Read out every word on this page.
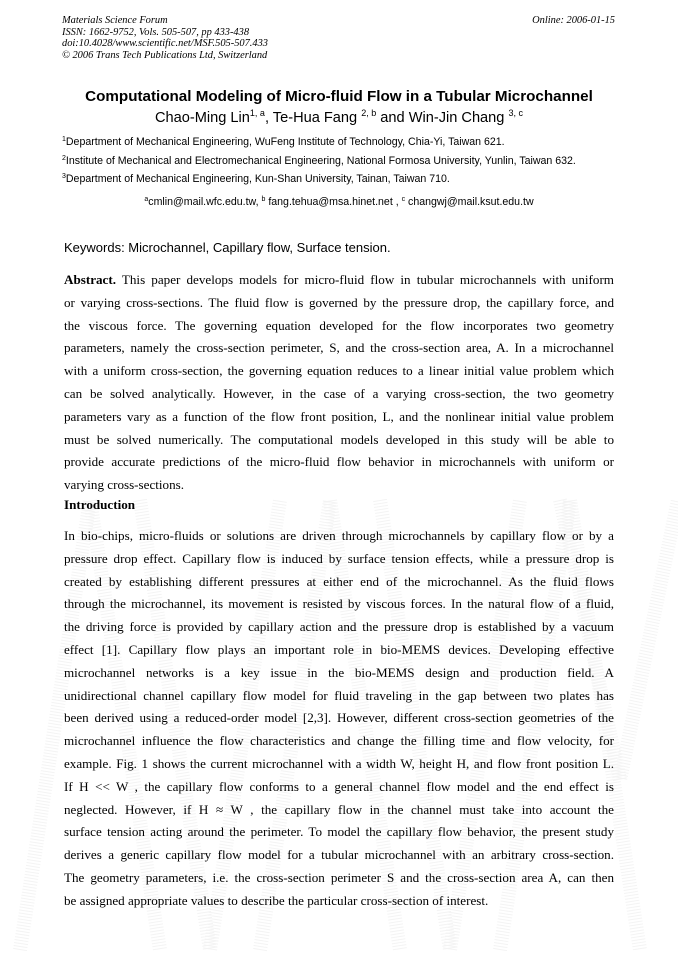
Materials Science Forum
ISSN: 1662-9752, Vols. 505-507, pp 433-438
doi:10.4028/www.scientific.net/MSF.505-507.433
© 2006 Trans Tech Publications Ltd, Switzerland
Online: 2006-01-15
Computational Modeling of Micro-fluid Flow in a Tubular Microchannel
Chao-Ming Lin$^{1, a}$, Te-Hua Fang $^{2, b}$ and Win-Jin Chang $^{3, c}$
$^1$Department of Mechanical Engineering, WuFeng Institute of Technology, Chia-Yi, Taiwan 621.
$^2$Institute of Mechanical and Electromechanical Engineering, National Formosa University, Yunlin, Taiwan 632.
$^3$Department of Mechanical Engineering, Kun-Shan University, Tainan, Taiwan 710.
$^a$cmlin@mail.wfc.edu.tw, $^b$ fang.tehua@msa.hinet.net , $^c$ changwj@mail.ksut.edu.tw
Keywords: Microchannel, Capillary flow, Surface tension.
Abstract. This paper develops models for micro-fluid flow in tubular microchannels with uniform
or varying cross-sections. The fluid flow is governed by the pressure drop, the capillary force, and
the viscous force. The governing equation developed for the flow incorporates two geometry
parameters, namely the cross-section perimeter, S, and the cross-section area, A. In a microchannel
with a uniform cross-section, the governing equation reduces to a linear initial value problem which
can be solved analytically. However, in the case of a varying cross-section, the two geometry
parameters vary as a function of the flow front position, L, and the nonlinear initial value problem
must be solved numerically. The computational models developed in this study will be able to
provide accurate predictions of the micro-fluid flow behavior in microchannels with uniform or
varying cross-sections.
Introduction
In bio-chips, micro-fluids or solutions are driven through microchannels by capillary flow or by a
pressure drop effect. Capillary flow is induced by surface tension effects, while a pressure drop is
created by establishing different pressures at either end of the microchannel. As the fluid flows
through the microchannel, its movement is resisted by viscous forces. In the natural flow of a fluid,
the driving force is provided by capillary action and the pressure drop is established by a vacuum
effect [1]. Capillary flow plays an important role in bio-MEMS devices. Developing effective
microchannel networks is a key issue in the bio-MEMS design and production field. A
unidirectional channel capillary flow model for fluid traveling in the gap between two plates has
been derived using a reduced-order model [2,3]. However, different cross-section geometries of the
microchannel influence the flow characteristics and change the filling time and flow velocity, for
example. Fig. 1 shows the current microchannel with a width W, height H, and flow front position L.
If H << W , the capillary flow conforms to a general channel flow model and the end effect is
neglected. However, if H ≈ W , the capillary flow in the channel must take into account the
surface tension acting around the perimeter. To model the capillary flow behavior, the present study
derives a generic capillary flow model for a tubular microchannel with an arbitrary cross-section.
The geometry parameters, i.e. the cross-section perimeter S and the cross-section area A, can then
be assigned appropriate values to describe the particular cross-section of interest.
